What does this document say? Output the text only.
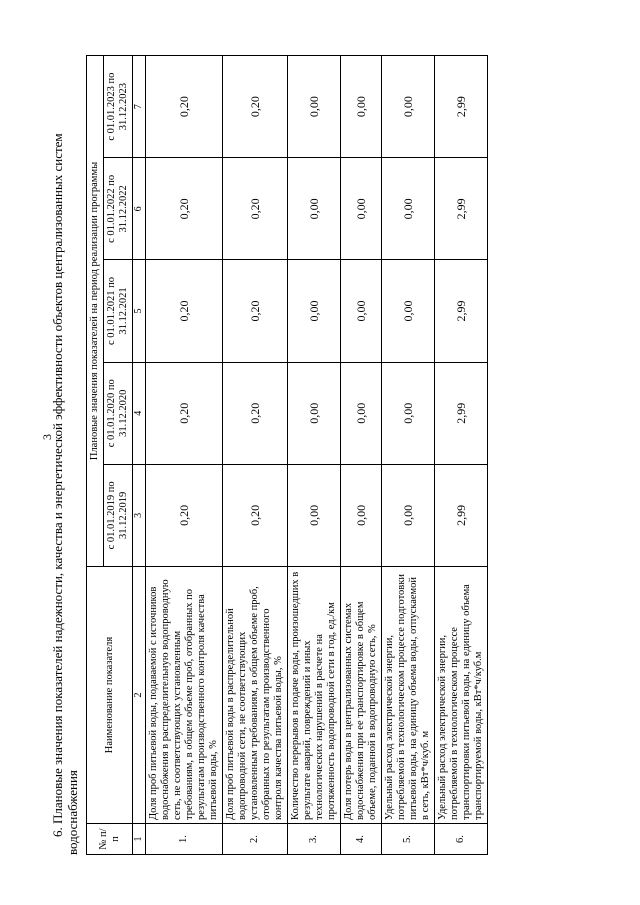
3

6. Плановые значения показателей надежности, качества и энергетической эффективности объектов централизованных систем водоснабжения № п/п	Наименование показателя	Плановые значения показателей на период реализации программы				
		с 01.01.2019 по 31.12.2019	с 01.01.2020 по 31.12.2020	с 01.01.2021 по 31.12.2021	с 01.01.2022 по 31.12.2022	с 01.01.2023 по 31.12.2023
1	2	3	4	5	6	7
1.	Доля проб питьевой воды, подаваемой с источников водоснабжения в распределительную водопроводную сеть, не соответствующих установленным требованиям, в общем объеме проб, отобранных по результатам производственного контроля качества питьевой воды, %	0,20	0,20	0,20	0,20	0,20
2.	Доля проб питьевой воды в распределительной водопроводной сети, не соответствующих установленным требованиям, в общем объеме проб, отобранных по результатам производственного контроля качества питьевой воды, %	0,20	0,20	0,20	0,20	0,20
3.	Количество перерывов в подаче воды, произошедших в результате аварий, повреждений и иных технологических нарушений в расчете на протяженность водопроводной сети в год, ед./км	0,00	0,00	0,00	0,00	0,00
4.	Доля потерь воды в централизованных системах водоснабжения при ее транспортировке в общем объеме, поданной в водопроводную сеть, %	0,00	0,00	0,00	0,00	0,00
5.	Удельный расход электрической энергии, потребляемой в технологическом процессе подготовки питьевой воды, на единицу объема воды, отпускаемой в сеть, кВт*ч/куб. м	0,00	0,00	0,00	0,00	0,00
6.	Удельный расход электрической энергии, потребляемой в технологическом процессе транспортировки питьевой воды, на единицу объема транспортируемой воды, кВт*ч/куб.м	2,99	2,99	2,99	2,99	2,99
